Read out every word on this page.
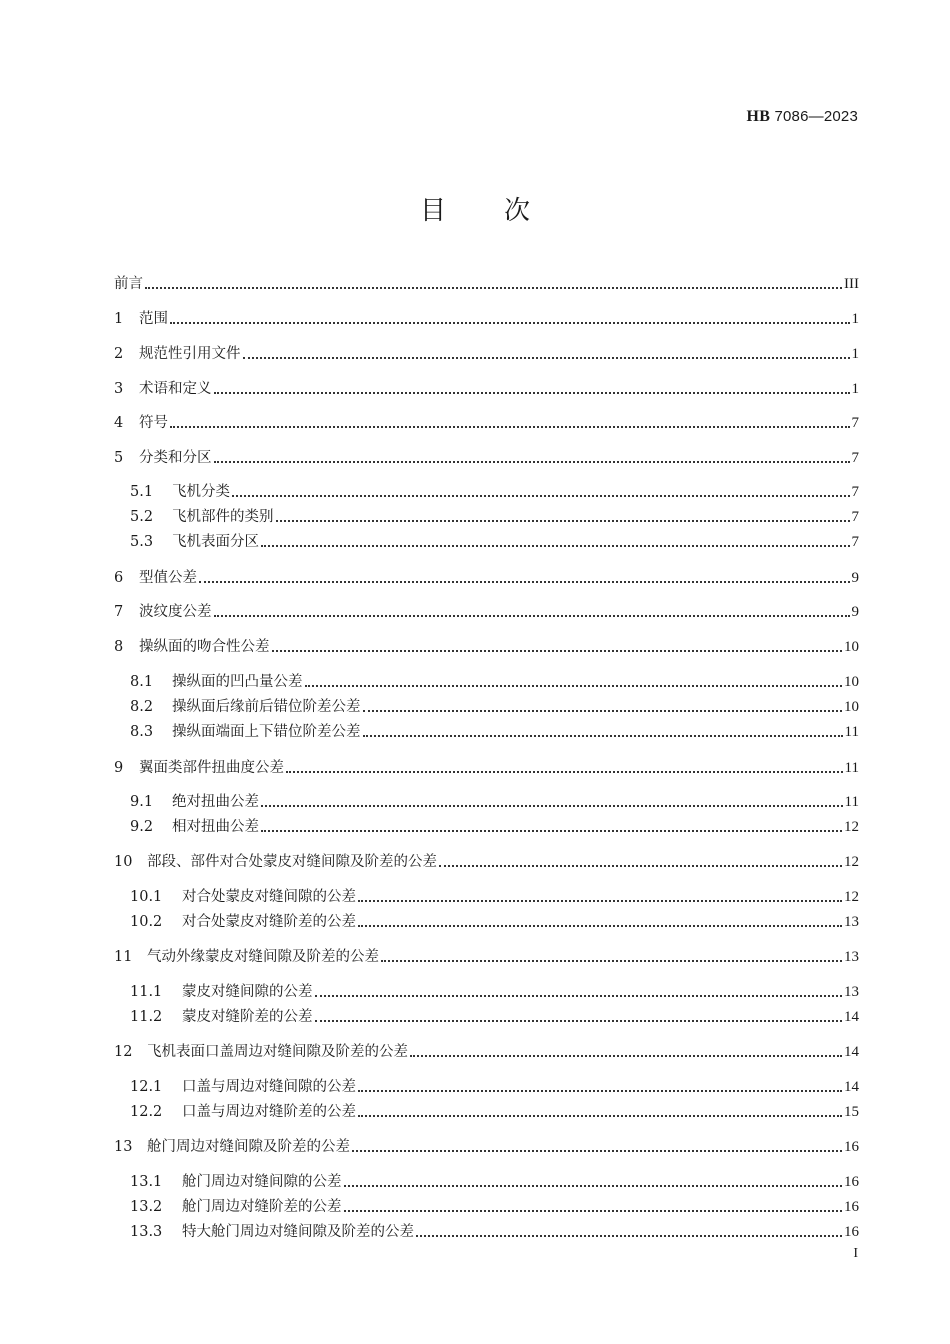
HB 7086—2023
目次
前言	III
1	范围	1
2	规范性引用文件	1
3	术语和定义	1
4	符号	7
5	分类和分区	7
5.1	飞机分类	7
5.2	飞机部件的类别	7
5.3	飞机表面分区	7
6	型值公差	9
7	波纹度公差	9
8	操纵面的吻合性公差	10
8.1	操纵面的凹凸量公差	10
8.2	操纵面后缘前后错位阶差公差	10
8.3	操纵面端面上下错位阶差公差	11
9	翼面类部件扭曲度公差	11
9.1	绝对扭曲公差	11
9.2	相对扭曲公差	12
10	部段、部件对合处蒙皮对缝间隙及阶差的公差	12
10.1	对合处蒙皮对缝间隙的公差	12
10.2	对合处蒙皮对缝阶差的公差	13
11	气动外缘蒙皮对缝间隙及阶差的公差	13
11.1	蒙皮对缝间隙的公差	13
11.2	蒙皮对缝阶差的公差	14
12	飞机表面口盖周边对缝间隙及阶差的公差	14
12.1	口盖与周边对缝间隙的公差	14
12.2	口盖与周边对缝阶差的公差	15
13	舱门周边对缝间隙及阶差的公差	16
13.1	舱门周边对缝间隙的公差	16
13.2	舱门周边对缝阶差的公差	16
13.3	特大舱门周边对缝间隙及阶差的公差	16
I
